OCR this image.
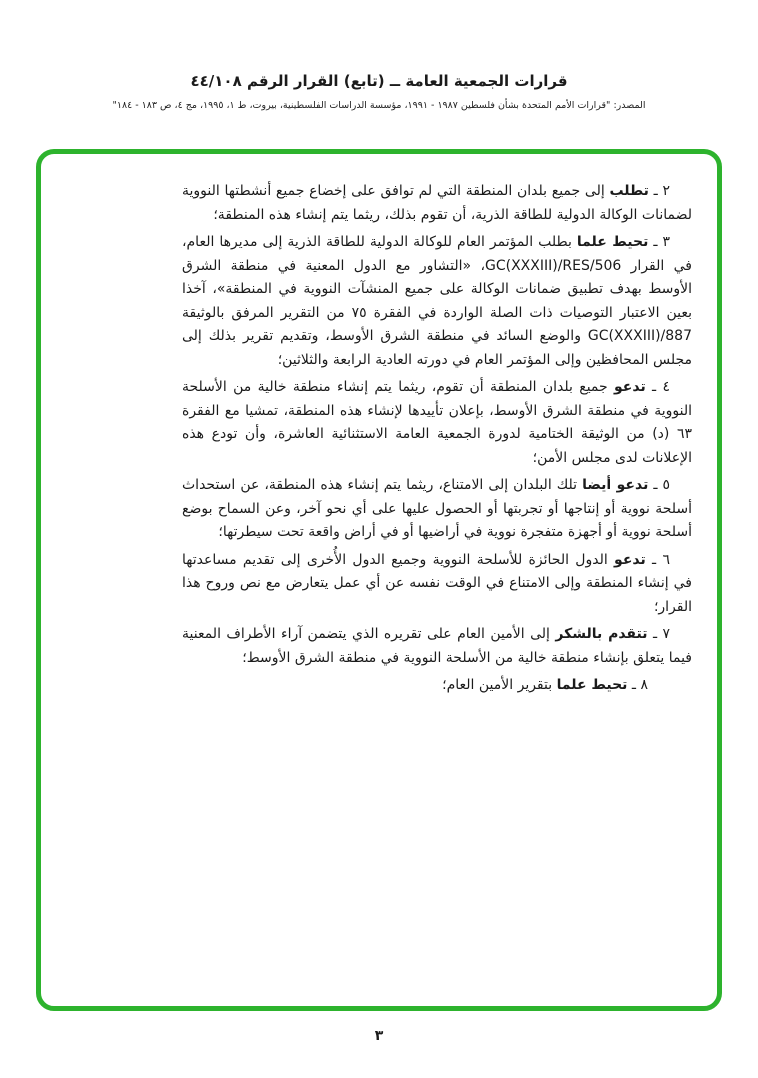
قرارات الجمعية العامة ــ (تابع) القرار الرقم ٤٤/١٠٨
المصدر: "قرارات الأمم المتحدة بشأن فلسطين ١٩٨٧ - ١٩٩١، مؤسسة الدراسات الفلسطينية، بيروت، ط ١، ١٩٩٥، مج ٤، ص ١٨٣ - ١٨٤"

٢ ـ تطلب إلى جميع بلدان المنطقة التي لم توافق على إخضاع جميع أنشطتها النووية لضمانات الوكالة الدولية للطاقة الذرية، أن تقوم بذلك، ريثما يتم إنشاء هذه المنطقة؛

٣ ـ تحيط علما بطلب المؤتمر العام للوكالة الدولية للطاقة الذرية إلى مديرها العام، في القرار GC(XXXIII)/RES/506، «التشاور مع الدول المعنية في منطقة الشرق الأوسط بهدف تطبيق ضمانات الوكالة على جميع المنشآت النووية في المنطقة»، آخذا بعين الاعتبار التوصيات ذات الصلة الواردة في الفقرة ٧٥ من التقرير المرفق بالوثيقة GC(XXXIII)/887 والوضع السائد في منطقة الشرق الأوسط، وتقديم تقرير بذلك إلى مجلس المحافظين وإلى المؤتمر العام في دورته العادية الرابعة والثلاثين؛

٤ ـ تدعو جميع بلدان المنطقة أن تقوم، ريثما يتم إنشاء منطقة خالية من الأسلحة النووية في منطقة الشرق الأوسط، بإعلان تأييدها لإنشاء هذه المنطقة، تمشيا مع الفقرة ٦٣ (د) من الوثيقة الختامية لدورة الجمعية العامة الاستثنائية العاشرة، وأن تودع هذه الإعلانات لدى مجلس الأمن؛

٥ ـ تدعو أيضا تلك البلدان إلى الامتناع، ريثما يتم إنشاء هذه المنطقة، عن استحداث أسلحة نووية أو إنتاجها أو تجربتها أو الحصول عليها على أي نحو آخر، وعن السماح بوضع أسلحة نووية أو أجهزة متفجرة نووية في أراضيها أو في أراض واقعة تحت سيطرتها؛

٦ ـ تدعو الدول الحائزة للأسلحة النووية وجميع الدول الأُخرى إلى تقديم مساعدتها في إنشاء المنطقة وإلى الامتناع في الوقت نفسه عن أي عمل يتعارض مع نص وروح هذا القرار؛

٧ ـ تتقدم بالشكر إلى الأمين العام على تقريره الذي يتضمن آراء الأطراف المعنية فيما يتعلق بإنشاء منطقة خالية من الأسلحة النووية في منطقة الشرق الأوسط؛

٨ ـ تحيط علما بتقرير الأمين العام؛

٣
